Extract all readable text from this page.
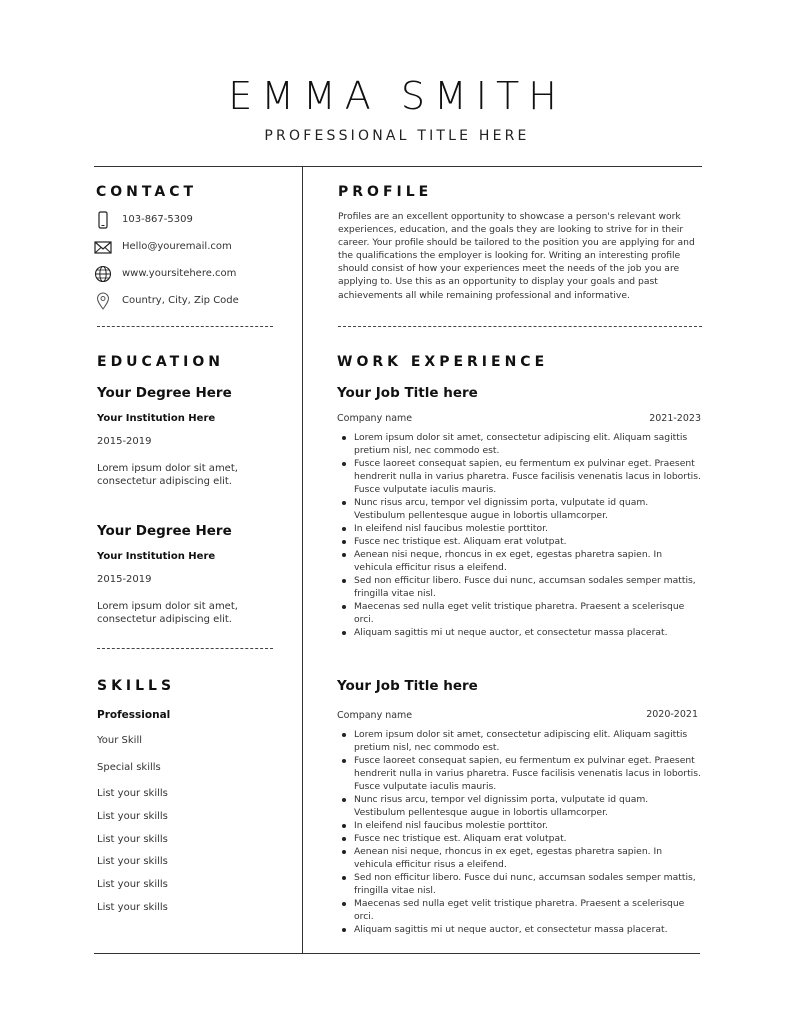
EMMA SMITH
PROFESSIONAL TITLE HERE
CONTACT
103-867-5309
Hello@youremail.com
www.yoursitehere.com
Country, City, Zip Code
EDUCATION
Your Degree Here
Your Institution Here
2015-2019
Lorem ipsum dolor sit amet, consectetur adipiscing elit.
Your Degree Here
Your Institution Here
2015-2019
Lorem ipsum dolor sit amet, consectetur adipiscing elit.
SKILLS
Professional
Your Skill
Special skills
List your skills
List your skills
List your skills
List your skills
List your skills
List your skills
PROFILE
Profiles are an excellent opportunity to showcase a person's relevant work experiences, education, and the goals they are looking to strive for in their career. Your profile should be tailored to the position you are applying for and the qualifications the employer is looking for. Writing an interesting profile should consist of how your experiences meet the needs of the job you are applying to. Use this as an opportunity to display your goals and past achievements all while remaining professional and informative.
WORK EXPERIENCE
Your Job Title here
Company name	2021-2023
Lorem ipsum dolor sit amet, consectetur adipiscing elit. Aliquam sagittis pretium nisl, nec commodo est.
Fusce laoreet consequat sapien, eu fermentum ex pulvinar eget. Praesent hendrerit nulla in varius pharetra. Fusce facilisis venenatis lacus in lobortis. Fusce vulputate iaculis mauris.
Nunc risus arcu, tempor vel dignissim porta, vulputate id quam. Vestibulum pellentesque augue in lobortis ullamcorper.
In eleifend nisl faucibus molestie porttitor.
Fusce nec tristique est. Aliquam erat volutpat.
Aenean nisi neque, rhoncus in ex eget, egestas pharetra sapien. In vehicula efficitur risus a eleifend.
Sed non efficitur libero. Fusce dui nunc, accumsan sodales semper mattis, fringilla vitae nisl.
Maecenas sed nulla eget velit tristique pharetra. Praesent a scelerisque orci.
Aliquam sagittis mi ut neque auctor, et consectetur massa placerat.
Your Job Title here
Company name	2020-2021
Lorem ipsum dolor sit amet, consectetur adipiscing elit. Aliquam sagittis pretium nisl, nec commodo est.
Fusce laoreet consequat sapien, eu fermentum ex pulvinar eget. Praesent hendrerit nulla in varius pharetra. Fusce facilisis venenatis lacus in lobortis. Fusce vulputate iaculis mauris.
Nunc risus arcu, tempor vel dignissim porta, vulputate id quam. Vestibulum pellentesque augue in lobortis ullamcorper.
In eleifend nisl faucibus molestie porttitor.
Fusce nec tristique est. Aliquam erat volutpat.
Aenean nisi neque, rhoncus in ex eget, egestas pharetra sapien. In vehicula efficitur risus a eleifend.
Sed non efficitur libero. Fusce dui nunc, accumsan sodales semper mattis, fringilla vitae nisl.
Maecenas sed nulla eget velit tristique pharetra. Praesent a scelerisque orci.
Aliquam sagittis mi ut neque auctor, et consectetur massa placerat.
